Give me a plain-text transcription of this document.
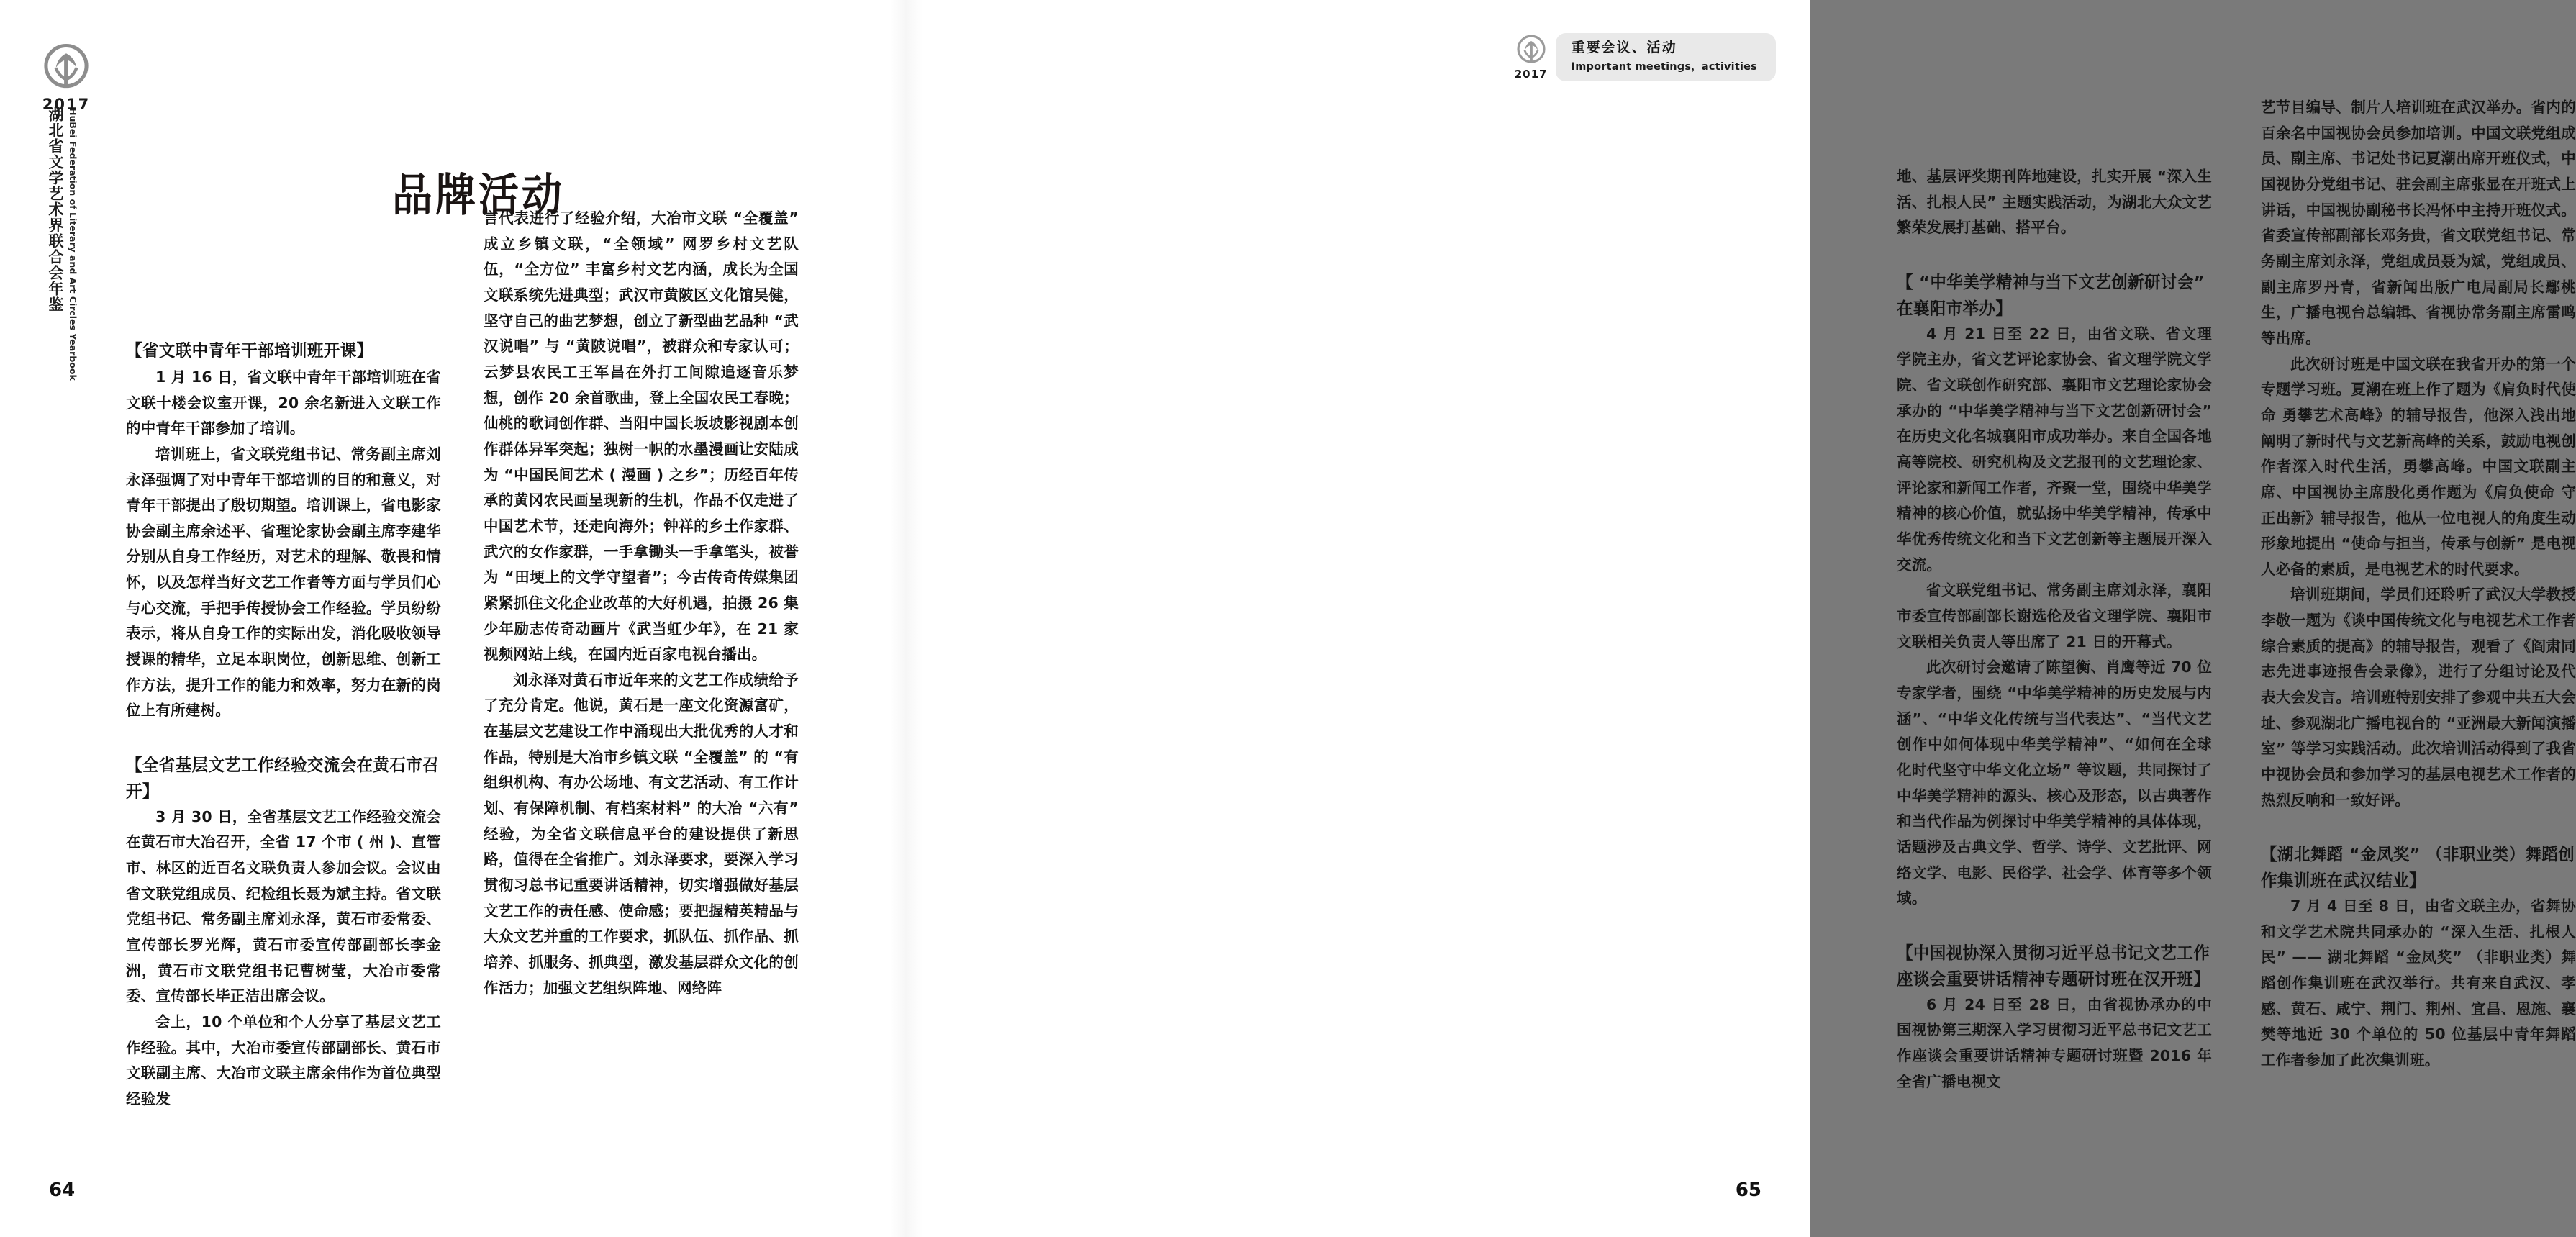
2017
湖北省文学艺术界联合会年鉴 HuBei Federation of Literary and Art Circles Yearbook	品牌活动
【省文联中青年干部培训班开课】

1 月 16 日，省文联中青年干部培训班在省文联十楼会议室开课，20 余名新进入文联工作的中青年干部参加了培训。

培训班上，省文联党组书记、常务副主席刘永泽强调了对中青年干部培训的目的和意义，对青年干部提出了殷切期望。培训课上，省电影家协会副主席余述平、省理论家协会副主席李建华分别从自身工作经历，对艺术的理解、敬畏和情怀，以及怎样当好文艺工作者等方面与学员们心与心交流，手把手传授协会工作经验。学员纷纷表示，将从自身工作的实际出发，消化吸收领导授课的精华，立足本职岗位，创新思维、创新工作方法，提升工作的能力和效率，努力在新的岗位上有所建树。

【全省基层文艺工作经验交流会在黄石市召开】

3 月 30 日，全省基层文艺工作经验交流会在黄石市大冶召开，全省 17 个市 ( 州 )、直管市、林区的近百名文联负责人参加会议。会议由省文联党组成员、纪检组长聂为斌主持。省文联党组书记、常务副主席刘永泽，黄石市委常委、宣传部长罗光辉，黄石市委宣传部副部长李金洲，黄石市文联党组书记曹树莹，大冶市委常委、宣传部长毕正洁出席会议。

会上，10 个单位和个人分享了基层文艺工作经验。其中，大冶市委宣传部副部长、黄石市文联副主席、大冶市文联主席余伟作为首位典型经验发

言代表进行了经验介绍，大冶市文联 “全覆盖” 成立乡镇文联，“全领域” 网罗乡村文艺队伍，“全方位” 丰富乡村文艺内涵，成长为全国文联系统先进典型；武汉市黄陂区文化馆吴健，坚守自己的曲艺梦想，创立了新型曲艺品种 “武汉说唱” 与 “黄陂说唱”，被群众和专家认可；云梦县农民工王军昌在外打工间隙追逐音乐梦想，创作 20 余首歌曲，登上全国农民工春晚；仙桃的歌词创作群、当阳中国长坂坡影视剧本创作群体异军突起；独树一帜的水墨漫画让安陆成为 “中国民间艺术 ( 漫画 ) 之乡”；历经百年传承的黄冈农民画呈现新的生机，作品不仅走进了中国艺术节，还走向海外；钟祥的乡土作家群、武穴的女作家群，一手拿锄头一手拿笔头，被誉为 “田埂上的文学守望者”；今古传奇传媒集团紧紧抓住文化企业改革的大好机遇，拍摄 26 集少年励志传奇动画片《武当虹少年》，在 21 家视频网站上线，在国内近百家电视台播出。

刘永泽对黄石市近年来的文艺工作成绩给予了充分肯定。他说，黄石是一座文化资源富矿，在基层文艺建设工作中涌现出大批优秀的人才和作品，特别是大冶市乡镇文联 “全覆盖” 的 “有组织机构、有办公场地、有文艺活动、有工作计划、有保障机制、有档案材料” 的大冶 “六有” 经验，为全省文联信息平台的建设提供了新思路，值得在全省推广。刘永泽要求，要深入学习贯彻习总书记重要讲话精神，切实增强做好基层文艺工作的责任感、使命感；要把握精英精品与大众文艺并重的工作要求，抓队伍、抓作品、抓培养、抓服务、抓典型，激发基层群众文化的创作活力；加强文艺组织阵地、网络阵

64
2017
重要会议、活动
Important meetings，activities

地、基层评奖期刊阵地建设，扎实开展 “深入生活、扎根人民” 主题实践活动，为湖北大众文艺繁荣发展打基础、搭平台。

【 “中华美学精神与当下文艺创新研讨会” 在襄阳市举办】

4 月 21 日至 22 日，由省文联、省文理学院主办，省文艺评论家协会、省文理学院文学院、省文联创作研究部、襄阳市文艺理论家协会承办的 “中华美学精神与当下文艺创新研讨会” 在历史文化名城襄阳市成功举办。来自全国各地高等院校、研究机构及文艺报刊的文艺理论家、评论家和新闻工作者，齐聚一堂，围绕中华美学精神的核心价值，就弘扬中华美学精神，传承中华优秀传统文化和当下文艺创新等主题展开深入交流。

省文联党组书记、常务副主席刘永泽，襄阳市委宣传部副部长谢选伦及省文理学院、襄阳市文联相关负责人等出席了 21 日的开幕式。

此次研讨会邀请了陈望衡、肖鹰等近 70 位专家学者，围绕 “中华美学精神的历史发展与内涵”、“中华文化传统与当代表达”、“当代文艺创作中如何体现中华美学精神”、“如何在全球化时代坚守中华文化立场” 等议题，共同探讨了中华美学精神的源头、核心及形态，以古典著作和当代作品为例探讨中华美学精神的具体体现，话题涉及古典文学、哲学、诗学、文艺批评、网络文学、电影、民俗学、社会学、体育等多个领域。

【中国视协深入贯彻习近平总书记文艺工作座谈会重要讲话精神专题研讨班在汉开班】

6 月 24 日至 28 日，由省视协承办的中国视协第三期深入学习贯彻习近平总书记文艺工作座谈会重要讲话精神专题研讨班暨 2016 年全省广播电视文

艺节目编导、制片人培训班在武汉举办。省内的百余名中国视协会员参加培训。中国文联党组成员、副主席、书记处书记夏潮出席开班仪式，中国视协分党组书记、驻会副主席张显在开班式上讲话，中国视协副秘书长冯怀中主持开班仪式。省委宣传部副部长邓务贵，省文联党组书记、常务副主席刘永泽，党组成员聂为斌，党组成员、副主席罗丹青，省新闻出版广电局副局长鄢桃生，广播电视台总编辑、省视协常务副主席雷鸣等出席。

此次研讨班是中国文联在我省开办的第一个专题学习班。夏潮在班上作了题为《肩负时代使命 勇攀艺术高峰》的辅导报告，他深入浅出地阐明了新时代与文艺新高峰的关系，鼓励电视创作者深入时代生活，勇攀高峰。中国文联副主席、中国视协主席殷化勇作题为《肩负使命 守正出新》辅导报告，他从一位电视人的角度生动形象地提出 “使命与担当，传承与创新” 是电视人必备的素质，是电视艺术的时代要求。

培训班期间，学员们还聆听了武汉大学教授李敬一题为《谈中国传统文化与电视艺术工作者综合素质的提高》的辅导报告，观看了《阎肃同志先进事迹报告会录像》，进行了分组讨论及代表大会发言。培训班特别安排了参观中共五大会址、参观湖北广播电视台的 “亚洲最大新闻演播室” 等学习实践活动。此次培训活动得到了我省中视协会员和参加学习的基层电视艺术工作者的热烈反响和一致好评。

【湖北舞蹈 “金凤奖” （非职业类）舞蹈创作集训班在武汉结业】

7 月 4 日至 8 日，由省文联主办，省舞协和文学艺术院共同承办的 “深入生活、扎根人民” —— 湖北舞蹈 “金凤奖” （非职业类）舞蹈创作集训班在武汉举行。共有来自武汉、孝感、黄石、咸宁、荆门、荆州、宜昌、恩施、襄樊等地近 30 个单位的 50 位基层中青年舞蹈工作者参加了此次集训班。

65
